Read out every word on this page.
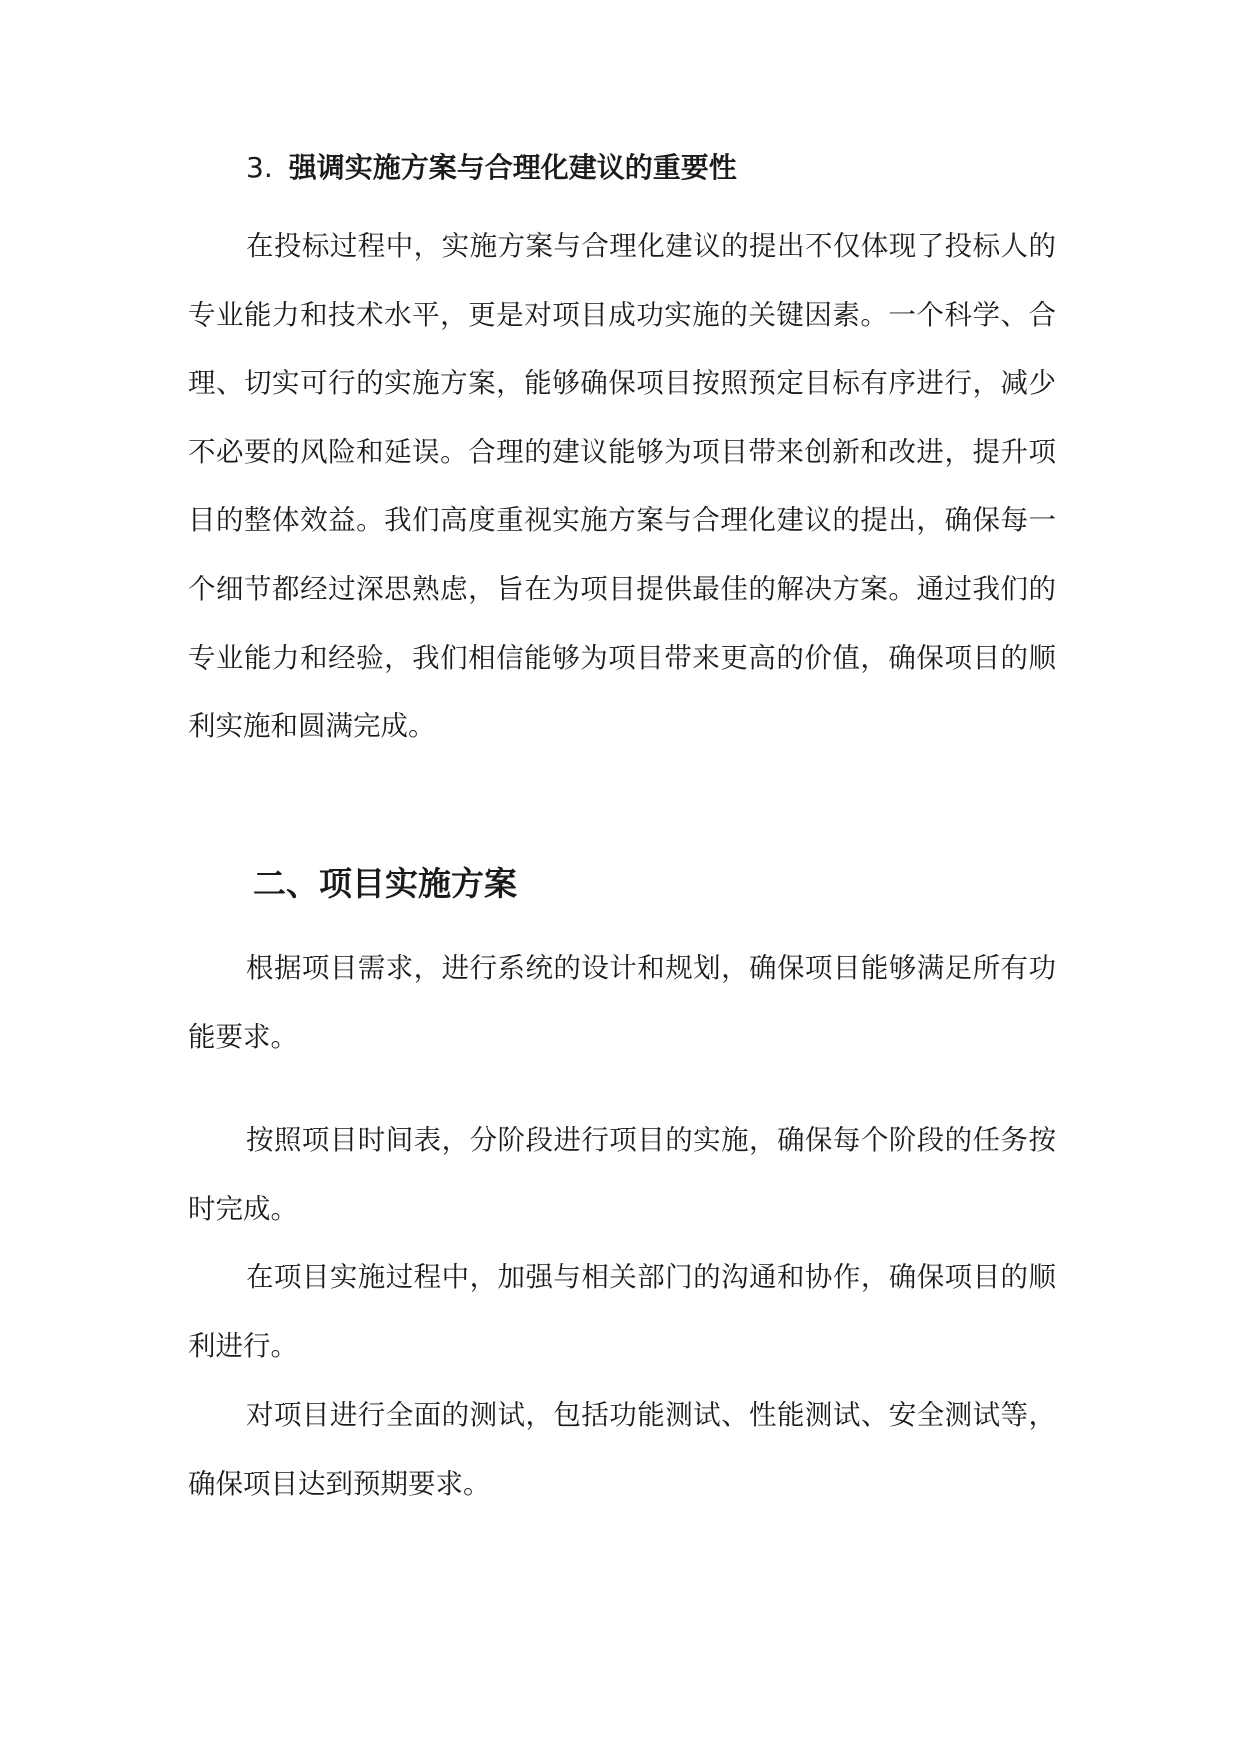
3. 强调实施方案与合理化建议的重要性

在投标过程中，实施方案与合理化建议的提出不仅体现了投标人的专业能力和技术水平，更是对项目成功实施的关键因素。一个科学、合理、切实可行的实施方案，能够确保项目按照预定目标有序进行，减少不必要的风险和延误。合理的建议能够为项目带来创新和改进，提升项目的整体效益。我们高度重视实施方案与合理化建议的提出，确保每一个细节都经过深思熟虑，旨在为项目提供最佳的解决方案。通过我们的专业能力和经验，我们相信能够为项目带来更高的价值，确保项目的顺利实施和圆满完成。

二、项目实施方案

根据项目需求，进行系统的设计和规划，确保项目能够满足所有功能要求。

按照项目时间表，分阶段进行项目的实施，确保每个阶段的任务按时完成。

在项目实施过程中，加强与相关部门的沟通和协作，确保项目的顺利进行。

对项目进行全面的测试，包括功能测试、性能测试、安全测试等，确保项目达到预期要求。
